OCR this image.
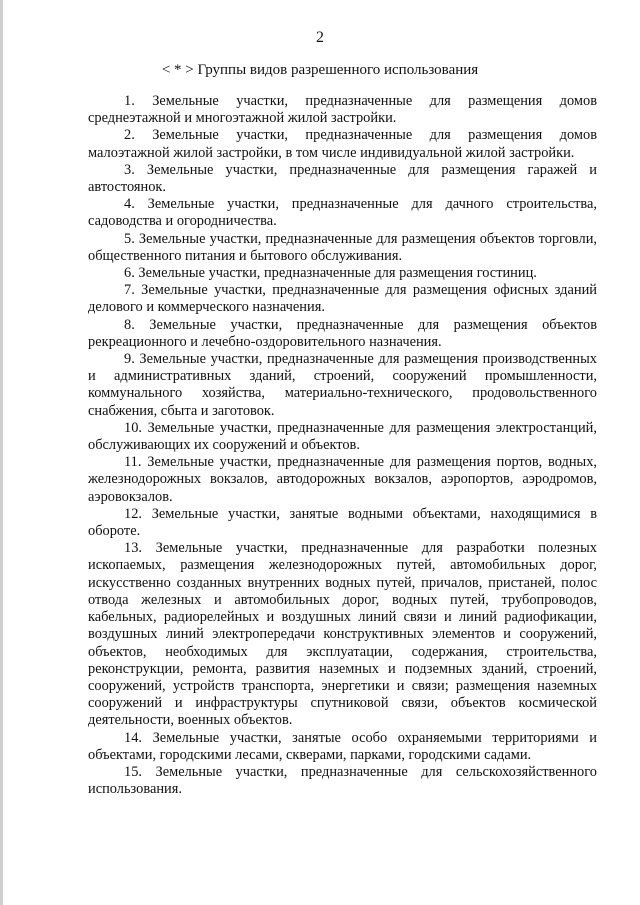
2
< * > Группы видов разрешенного использования

1. Земельные участки, предназначенные для размещения домов среднеэтажной и многоэтажной жилой застройки.

2. Земельные участки, предназначенные для размещения домов малоэтажной жилой застройки, в том числе индивидуальной жилой застройки.

3. Земельные участки, предназначенные для размещения гаражей и автостоянок.

4. Земельные участки, предназначенные для дачного строительства, садоводства и огородничества.

5. Земельные участки, предназначенные для размещения объектов торговли, общественного питания и бытового обслуживания.

6. Земельные участки, предназначенные для размещения гостиниц.

7. Земельные участки, предназначенные для размещения офисных зданий делового и коммерческого назначения.

8. Земельные участки, предназначенные для размещения объектов рекреационного и лечебно-оздоровительного назначения.

9. Земельные участки, предназначенные для размещения производственных и административных зданий, строений, сооружений промышленности, коммунального хозяйства, материально-технического, продовольственного снабжения, сбыта и заготовок.

10. Земельные участки, предназначенные для размещения электростанций, обслуживающих их сооружений и объектов.

11. Земельные участки, предназначенные для размещения портов, водных, железнодорожных вокзалов, автодорожных вокзалов, аэропортов, аэродромов, аэровокзалов.

12. Земельные участки, занятые водными объектами, находящимися в обороте.

13. Земельные участки, предназначенные для разработки полезных ископаемых, размещения железнодорожных путей, автомобильных дорог, искусственно созданных внутренних водных путей, причалов, пристаней, полос отвода железных и автомобильных дорог, водных путей, трубопроводов, кабельных, радиорелейных и воздушных линий связи и линий радиофикации, воздушных линий электропередачи конструктивных элементов и сооружений, объектов, необходимых для эксплуатации, содержания, строительства, реконструкции, ремонта, развития наземных и подземных зданий, строений, сооружений, устройств транспорта, энергетики и связи; размещения наземных сооружений и инфраструктуры спутниковой связи, объектов космической деятельности, военных объектов.

14. Земельные участки, занятые особо охраняемыми территориями и объектами, городскими лесами, скверами, парками, городскими садами.

15. Земельные участки, предназначенные для сельскохозяйственного использования.
